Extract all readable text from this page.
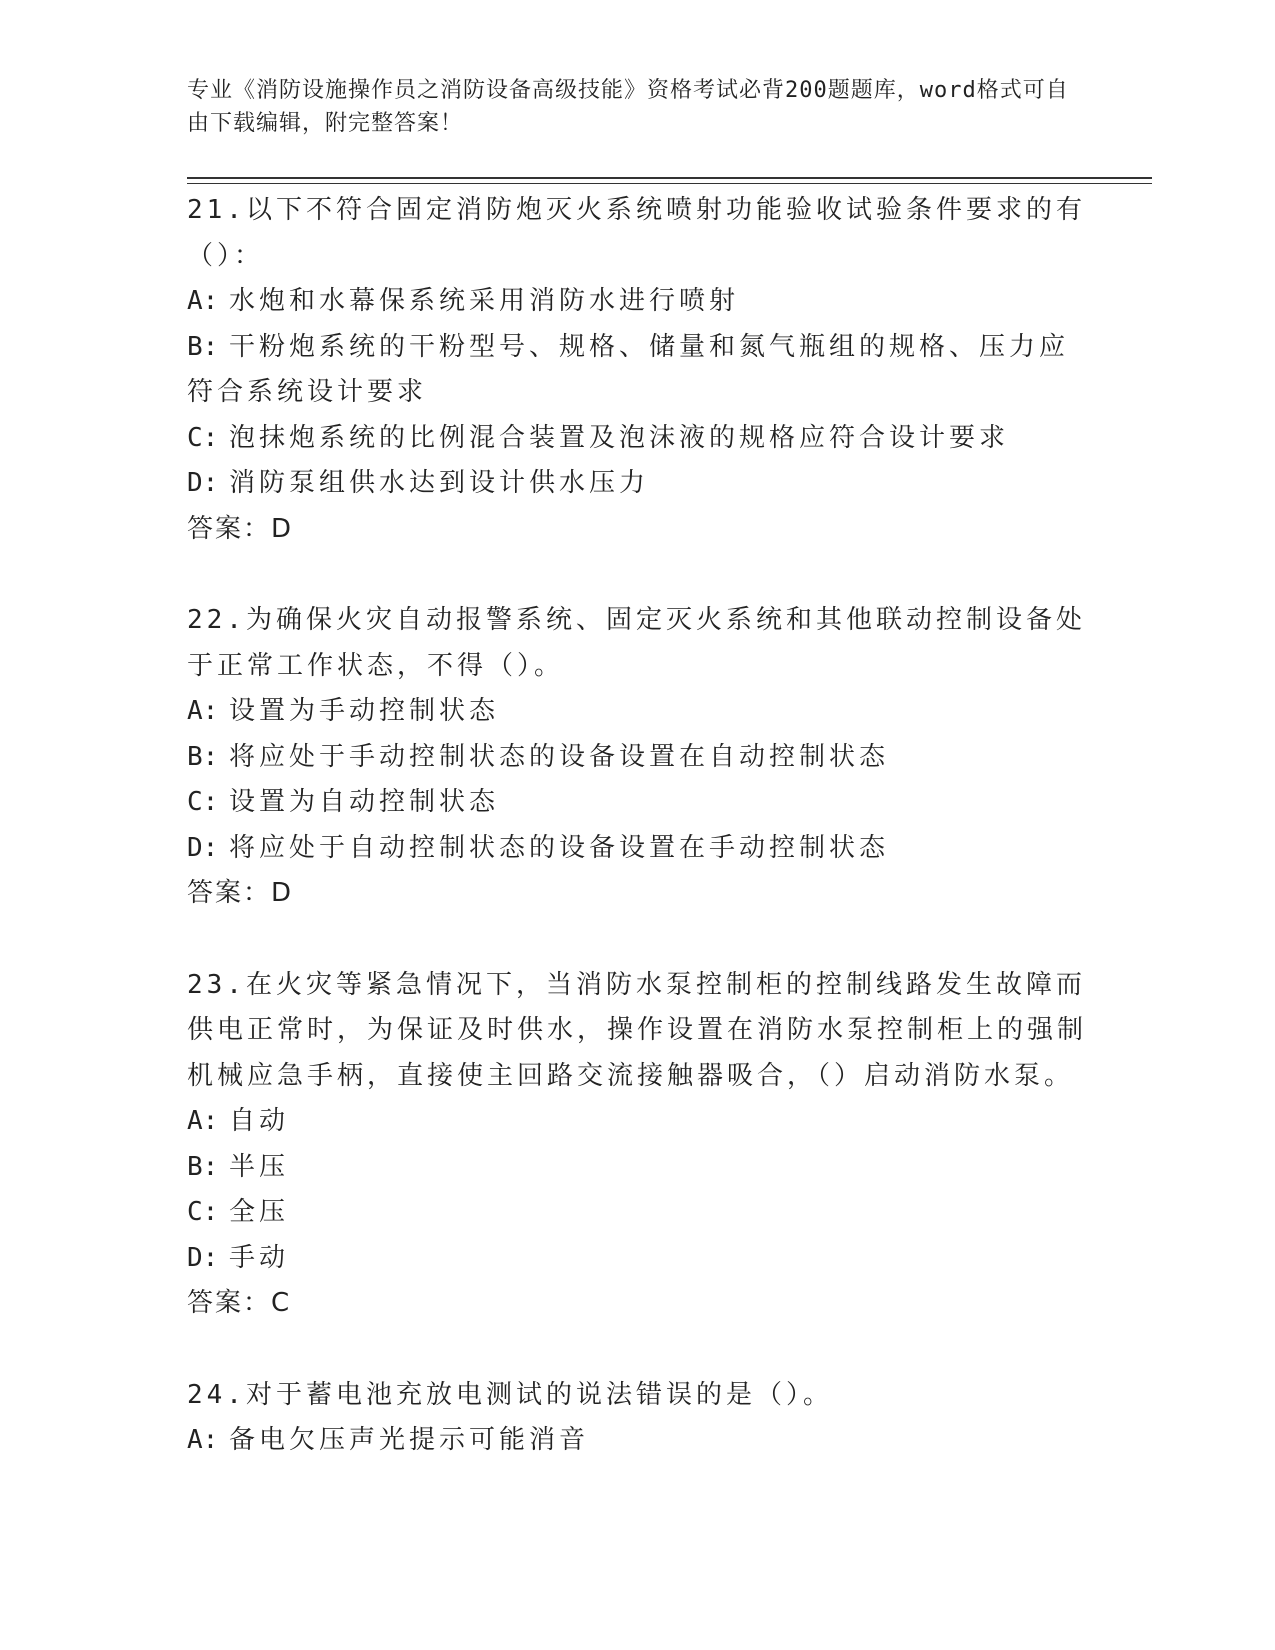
专业《消防设施操作员之消防设备高级技能》资格考试必背200题题库，word格式可自由下载编辑，附完整答案！
21.以下不符合固定消防炮灭火系统喷射功能验收试验条件要求的有（）：
A: 水炮和水幕保系统采用消防水进行喷射
B: 干粉炮系统的干粉型号、规格、储量和氮气瓶组的规格、压力应符合系统设计要求
C: 泡抹炮系统的比例混合装置及泡沫液的规格应符合设计要求
D: 消防泵组供水达到设计供水压力
答案：D
22.为确保火灾自动报警系统、固定灭火系统和其他联动控制设备处于正常工作状态，不得（）。
A: 设置为手动控制状态
B: 将应处于手动控制状态的设备设置在自动控制状态
C: 设置为自动控制状态
D: 将应处于自动控制状态的设备设置在手动控制状态
答案：D
23.在火灾等紧急情况下，当消防水泵控制柜的控制线路发生故障而供电正常时，为保证及时供水，操作设置在消防水泵控制柜上的强制机械应急手柄，直接使主回路交流接触器吸合，（）启动消防水泵。
A: 自动
B: 半压
C: 全压
D: 手动
答案：C
24.对于蓄电池充放电测试的说法错误的是（）。
A: 备电欠压声光提示可能消音
